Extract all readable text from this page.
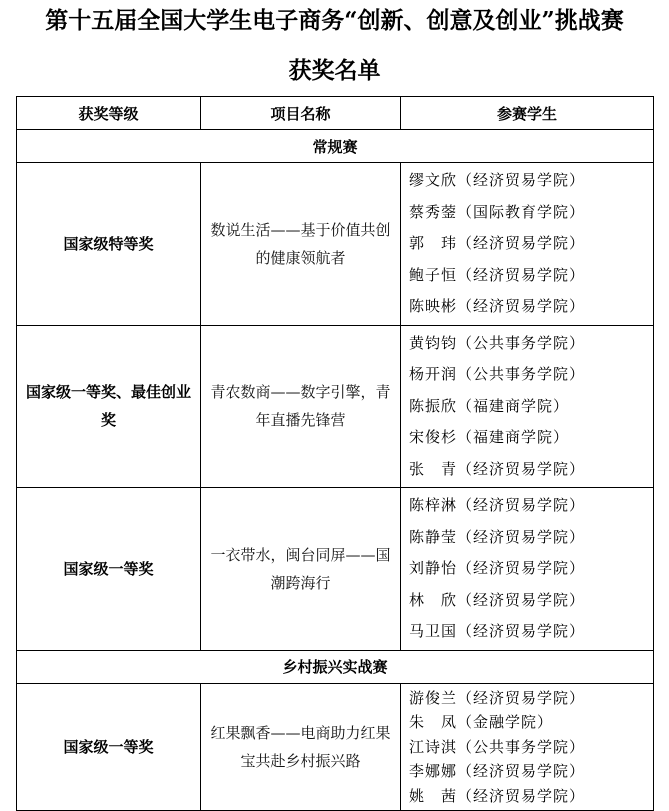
第十五届全国大学生电子商务“创新、创意及创业”挑战赛
获奖名单
获奖等级	项目名称	参赛学生
常规赛		
国家级特等奖	数说生活——基于价值共创的健康领航者	缪文欣（经济贸易学院）
蔡秀蓥（国际教育学院）
郭　玮（经济贸易学院）
鲍子恒（经济贸易学院）
陈映彬（经济贸易学院）

国家级一等奖、最佳创业奖	青农数商——数字引擎，青年直播先锋营	黄钧钧（公共事务学院）
杨开润（公共事务学院）
陈振欣（福建商学院）
宋俊杉（福建商学院）
张　青（经济贸易学院）

国家级一等奖	一衣带水，闽台同屏——国潮跨海行	陈梓淋（经济贸易学院）
陈静莹（经济贸易学院）
刘静怡（经济贸易学院）
林　欣（经济贸易学院）
马卫国（经济贸易学院）

乡村振兴实战赛		
国家级一等奖	红果飘香——电商助力红果宝共赴乡村振兴路	游俊兰（经济贸易学院）
朱　凤（金融学院）
江诗淇（公共事务学院）
李娜娜（经济贸易学院）
姚　茜（经济贸易学院）
